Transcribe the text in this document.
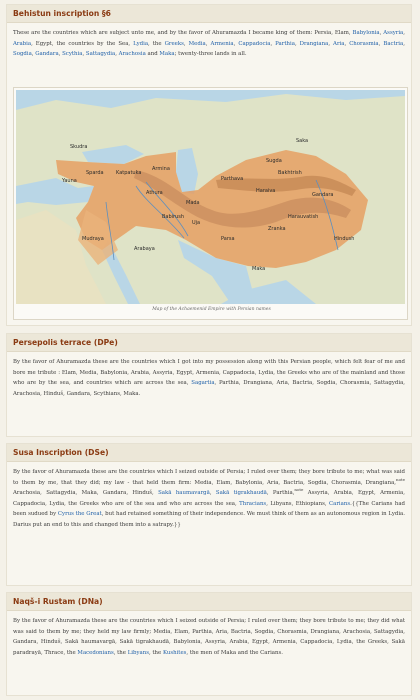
Behistun inscription §6
These are the countries which are subject unto me, and by the favor of Ahuramazda I became king of them: Persia, Elam, Babylonia, Assyria, Arabia, Egypt, the countries by the Sea, Lydia, the Greeks, Media, Armenia, Cappadocia, Parthia, Drangiana, Aria, Chorasmia, Bactria, Sogdia, Gandara, Scythia, Sattagydia, Arachosia and Maka; twenty-three lands in all.
Skudra
Saka
Sugda
Bakhtrish
Haraiva
Parthava
Mada
Parsa
Mudraya
Arabaya
Hindush
Gandara
Harauvatish
Zranka
Uja
Athura
Babirush
Yauna
Sparda Katpatuka
Armina
Maka
Map of the Achaemenid Empire with Persian names
Persepolis terrace (DPe)
By the favor of Ahuramazda these are the countries which I got into my possession along with this Persian people, which felt fear of me and bore me tribute : Elam, Media, Babylonia, Arabia, Assyria, Egypt, Armenia, Cappadocia, Lydia, the Greeks who are of the mainland and those who are by the sea, and countries which are across the sea, Sagartia, Parthia, Drangiana, Aria, Bactria, Sogdia, Chorasmia, Sattagydia, Arachosia, Hinduš, Gandara, Scythians, Maka.
Susa Inscription (DSe)
By the favor of Ahuramazda these are the countries which I seized outside of Persia; I ruled over them; they bore tribute to me; what was said to them by me, that they did; my law - that held them firm: Media, Elam, Babylonia, Aria, Bactria, Sogdia, Chorasmia, Drangiana,$^{note}$ Arachosia, Sattagydia, Maka, Gandara, Hinduš, Sakā haumavargā, Sakā tigrakhaudā, Parthia,$^{note}$ Assyria, Arabia, Egypt, Armenia, Cappadocia, Lydia, the Greeks who are of the sea and who are across the sea, Thracians, Libyans, Ethiopians, Carians.{{The Carians had been sudued by Cyrus the Great, but had retained something of their independence. We must think of them as an autonomous region in Lydia. Darius put an end to this and changed them into a satrapy.}}
Naqš-i Rustam (DNa)
By the favor of Ahuramazda these are the countries which I seized outside of Persia; I ruled over them; they bore tribute to me; they did what was said to them by me; they held my law firmly; Media, Elam, Parthia, Aria, Bactria, Sogdia, Chorasmia, Drangiana, Arachosia, Sattagydia, Gandara, Hinduš, Sakā haumavargā, Sakā tigrakhaudā, Babylonia, Assyria, Arabia, Egypt, Armenia, Cappadocia, Lydia, the Greeks, Sakā paradrayā, Thrace, the Macedonians, the Libyans, the Kushites, the men of Maka and the Carians.
